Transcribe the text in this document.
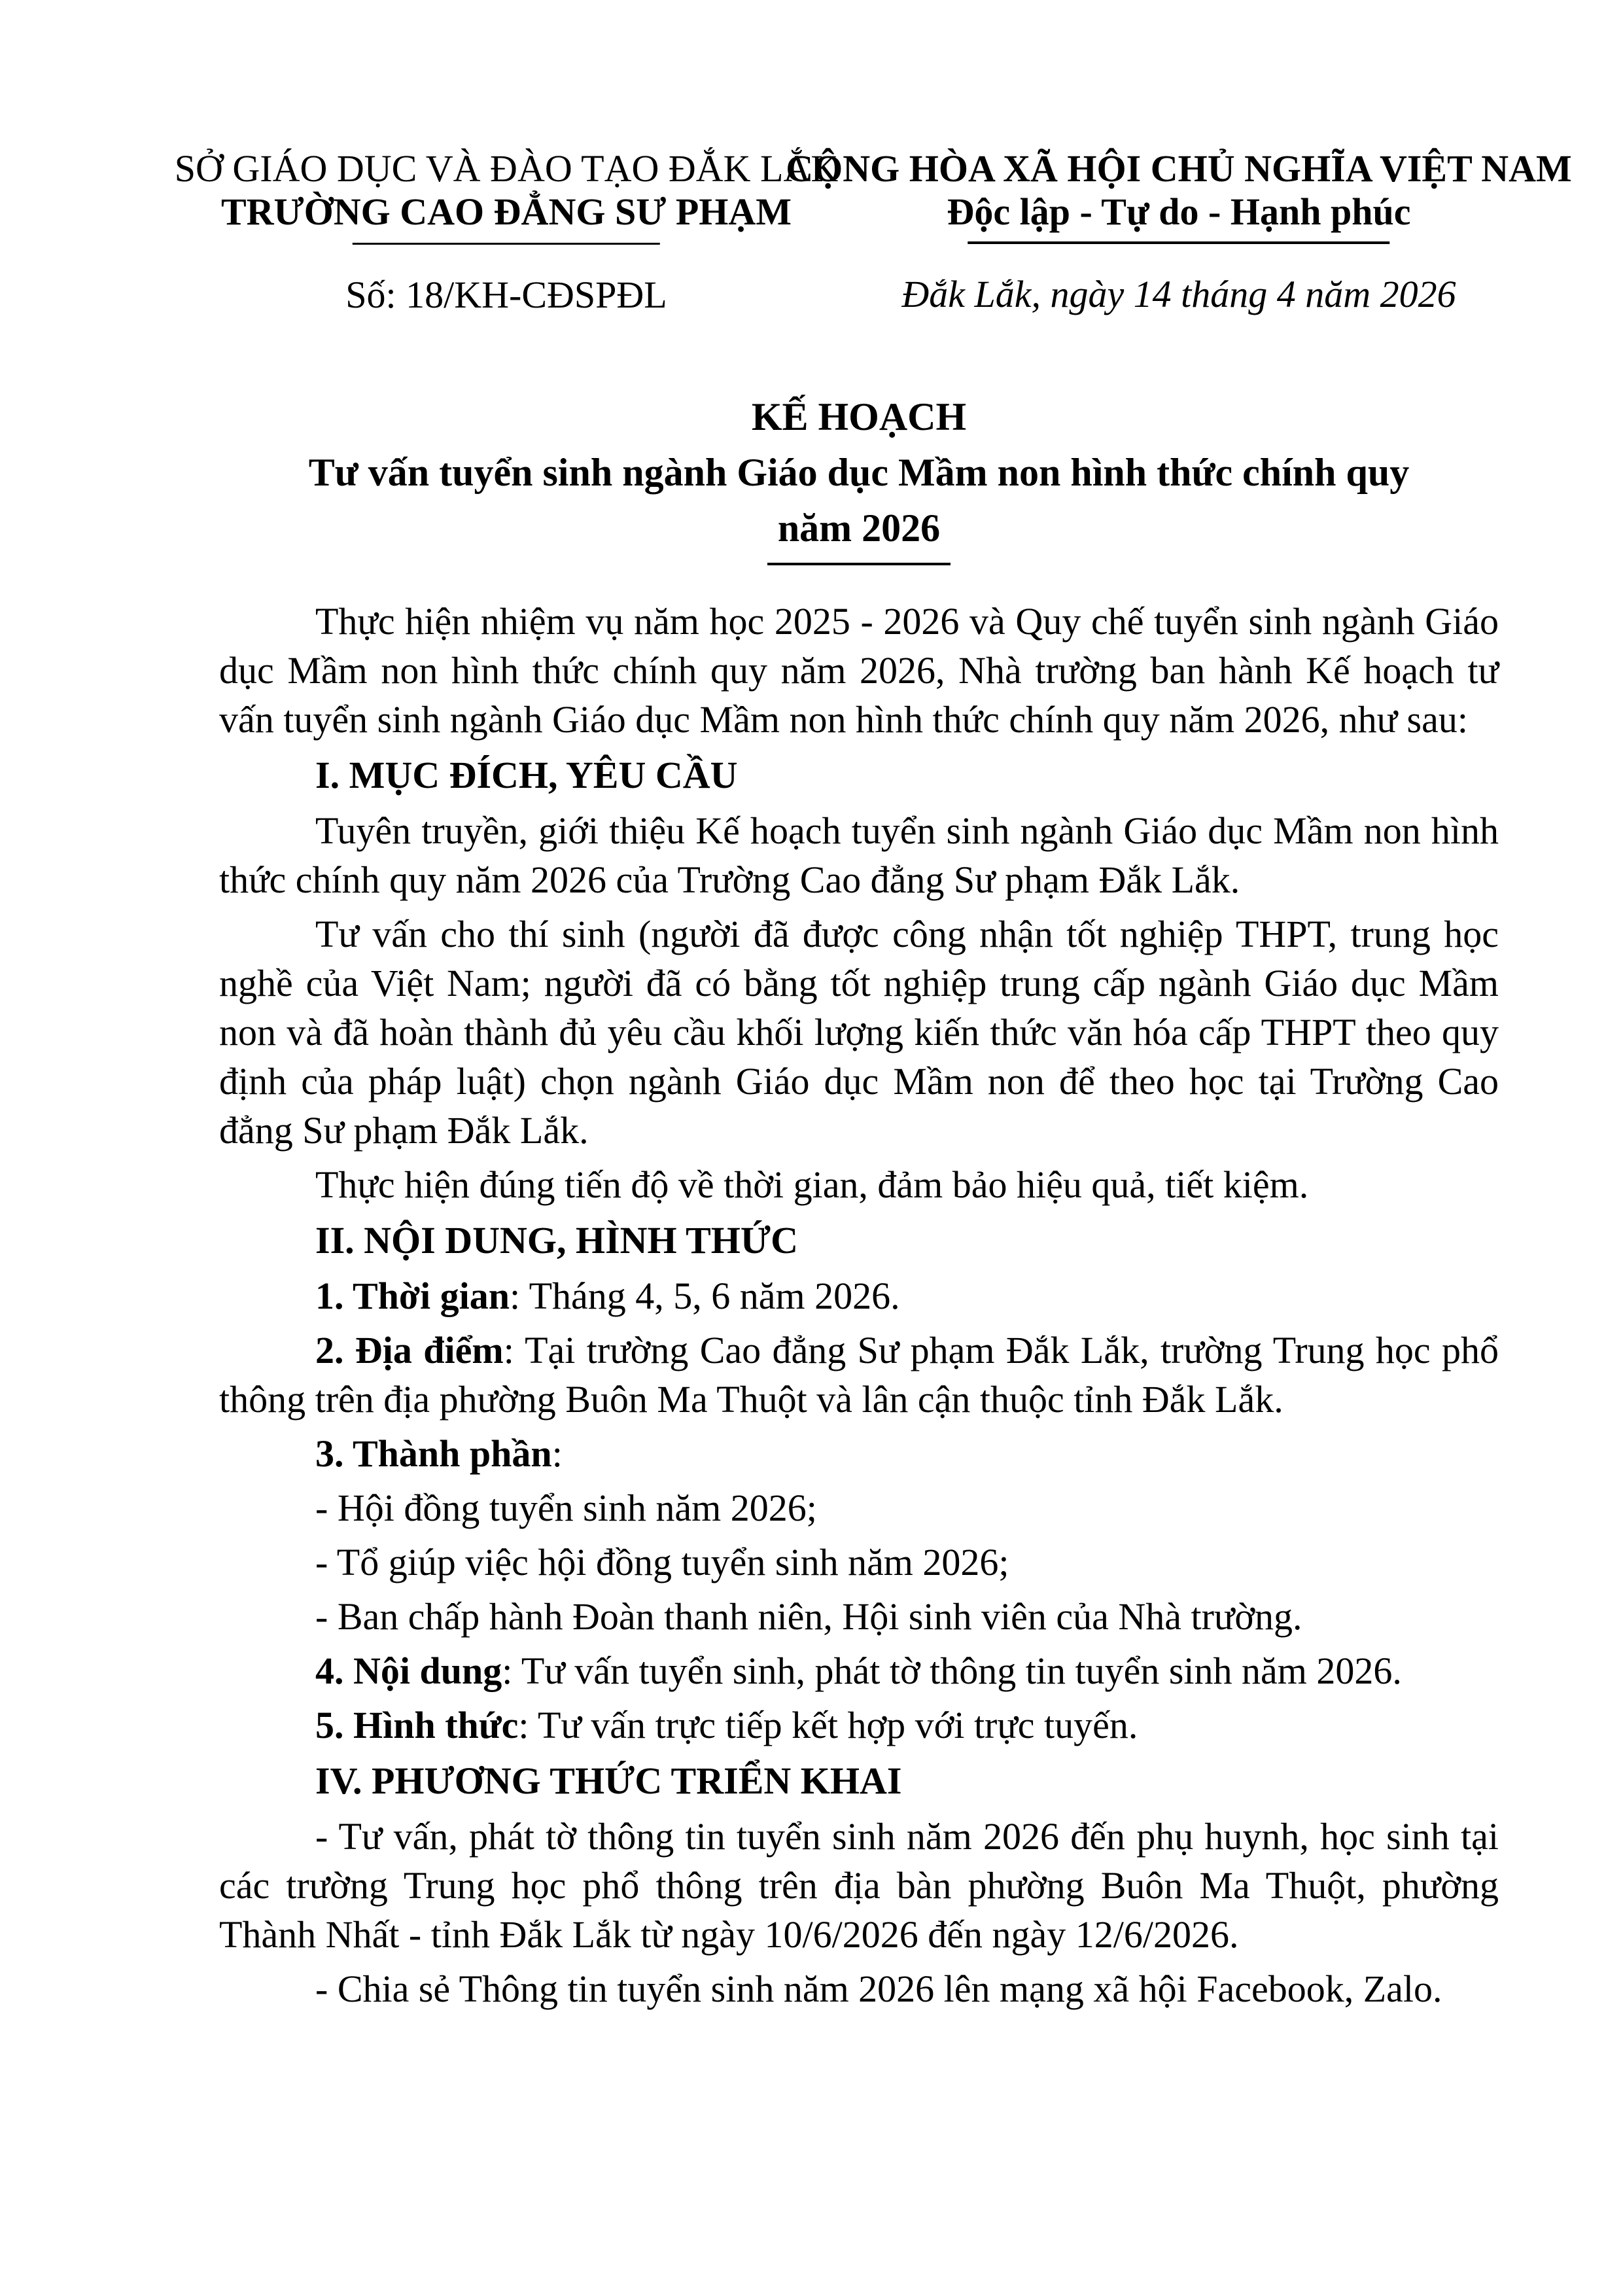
SỞ GIÁO DỤC VÀ ĐÀO TẠO ĐẮK LẮK
TRƯỜNG CAO ĐẲNG SƯ PHẠM
Số: 18/KH-CĐSPĐL
CỘNG HÒA XÃ HỘI CHỦ NGHĨA VIỆT NAM
Độc lập - Tự do - Hạnh phúc
Đắk Lắk, ngày 14 tháng 4 năm 2026
KẾ HOẠCH
Tư vấn tuyển sinh ngành Giáo dục Mầm non hình thức chính quy
năm 2026

Thực hiện nhiệm vụ năm học 2025 - 2026 và Quy chế tuyển sinh ngành Giáo dục Mầm non hình thức chính quy năm 2026, Nhà trường ban hành Kế hoạch tư vấn tuyển sinh ngành Giáo dục Mầm non hình thức chính quy năm 2026, như sau:

I. MỤC ĐÍCH, YÊU CẦU

Tuyên truyền, giới thiệu Kế hoạch tuyển sinh ngành Giáo dục Mầm non hình thức chính quy năm 2026 của Trường Cao đẳng Sư phạm Đắk Lắk.

Tư vấn cho thí sinh (người đã được công nhận tốt nghiệp THPT, trung học nghề của Việt Nam; người đã có bằng tốt nghiệp trung cấp ngành Giáo dục Mầm non và đã hoàn thành đủ yêu cầu khối lượng kiến thức văn hóa cấp THPT theo quy định của pháp luật) chọn ngành Giáo dục Mầm non để theo học tại Trường Cao đẳng Sư phạm Đắk Lắk.

Thực hiện đúng tiến độ về thời gian, đảm bảo hiệu quả, tiết kiệm.

II. NỘI DUNG, HÌNH THỨC

1. Thời gian: Tháng 4, 5, 6 năm 2026.

2. Địa điểm: Tại trường Cao đẳng Sư phạm Đắk Lắk, trường Trung học phổ thông trên địa phường Buôn Ma Thuột và lân cận thuộc tỉnh Đắk Lắk.

3. Thành phần:

- Hội đồng tuyển sinh năm 2026;

- Tổ giúp việc hội đồng tuyển sinh năm 2026;

- Ban chấp hành Đoàn thanh niên, Hội sinh viên của Nhà trường.

4. Nội dung: Tư vấn tuyển sinh, phát tờ thông tin tuyển sinh năm 2026.

5. Hình thức: Tư vấn trực tiếp kết hợp với trực tuyến.

IV. PHƯƠNG THỨC TRIỂN KHAI

- Tư vấn, phát tờ thông tin tuyển sinh năm 2026 đến phụ huynh, học sinh tại các trường Trung học phổ thông trên địa bàn phường Buôn Ma Thuột, phường Thành Nhất - tỉnh Đắk Lắk từ ngày 10/6/2026 đến ngày 12/6/2026.

- Chia sẻ Thông tin tuyển sinh năm 2026 lên mạng xã hội Facebook, Zalo.
